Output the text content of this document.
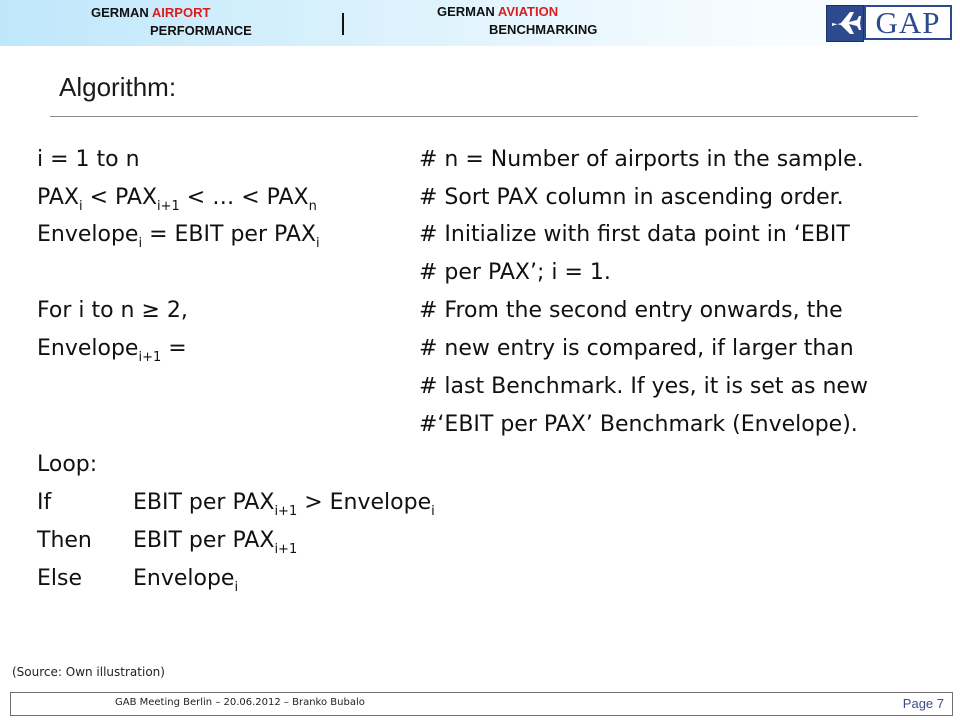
GERMAN AIRPORT
PERFORMANCE
GERMAN AVIATION
BENCHMARKING	GAP
Algorithm:
i = 1 to n	# n = Number of airports in the sample.
$PAX_i < PAX_{i+1}$ < … < $PAX_n$	# Sort PAX column in ascending order.
Envelope$_i$ = EBIT per $PAX_i$	# Initialize with first data point in ‘EBIT
# per PAX’; i = 1.
For i to n ≥ 2,	# From the second entry onwards, the
Envelope$_{i+1}$ =	# new entry is compared, if larger than
# last Benchmark. If yes, it is set as new
#‘EBIT per PAX’ Benchmark (Envelope).
Loop:
If	EBIT per $PAX_{i+1}$ > Envelope$_i$
Then EBIT per $PAX_{i+1}$
Else Envelope$_i$
(Source: Own illustration)
GAB Meeting Berlin – 20.06.2012 – Branko Bubalo	Page 7
